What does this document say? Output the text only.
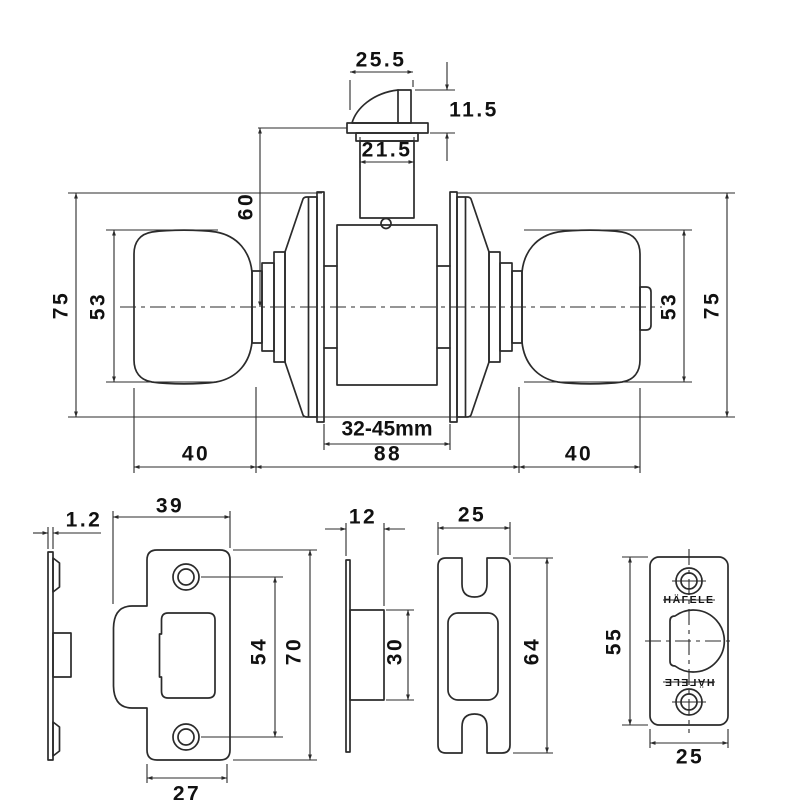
25.5
11.5
21.5
60
75 53	53 75
40	88	40
32-45mm
1.2
39
54 70
27
12
30
25
64
HÄFELE
HÄFELE
55
25
